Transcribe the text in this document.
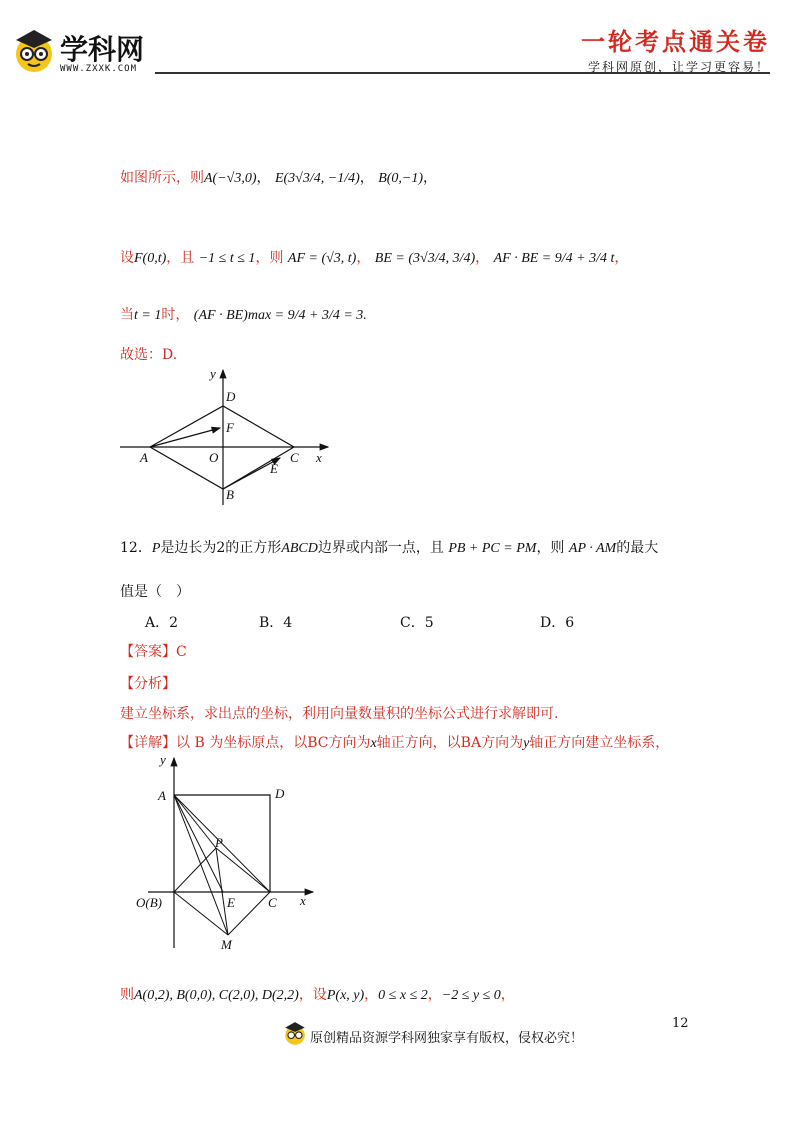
学科网
WWW.ZXXK.COM
一轮考点通关卷
学科网原创，让学习更容易！
如图所示，则A(−√3,0)， E(3√3/4, −1/4)， B(0,−1)，
设F(0,t)，且 −1 ≤ t ≤ 1，则 AF = (√3, t)， BE = (3√3/4, 3/4)， AF · BE = 9/4 + 3/4 t，
当t = 1时， (AF · BE)max = 9/4 + 3/4 = 3.
故选：D.
y
x
D
F
A	O	C
E
B
12．P是边长为2的正方形ABCD边界或内部一点，且 PB + PC = PM，则 AP · AM的最大
值是（　）
A．2	B．4	C．5	D．6
【答案】C
【分析】
建立坐标系，求出点的坐标，利用向量数量积的坐标公式进行求解即可.
【详解】以 B 为坐标原点，以BC方向为x轴正方向，以BA方向为y轴正方向建立坐标系，
y
x
A	D
P
O(B)	E	C
M
则A(0,2), B(0,0), C(2,0), D(2,2)，设P(x, y)，0 ≤ x ≤ 2，−2 ≤ y ≤ 0，
12
原创精品资源学科网独家享有版权，侵权必究！
